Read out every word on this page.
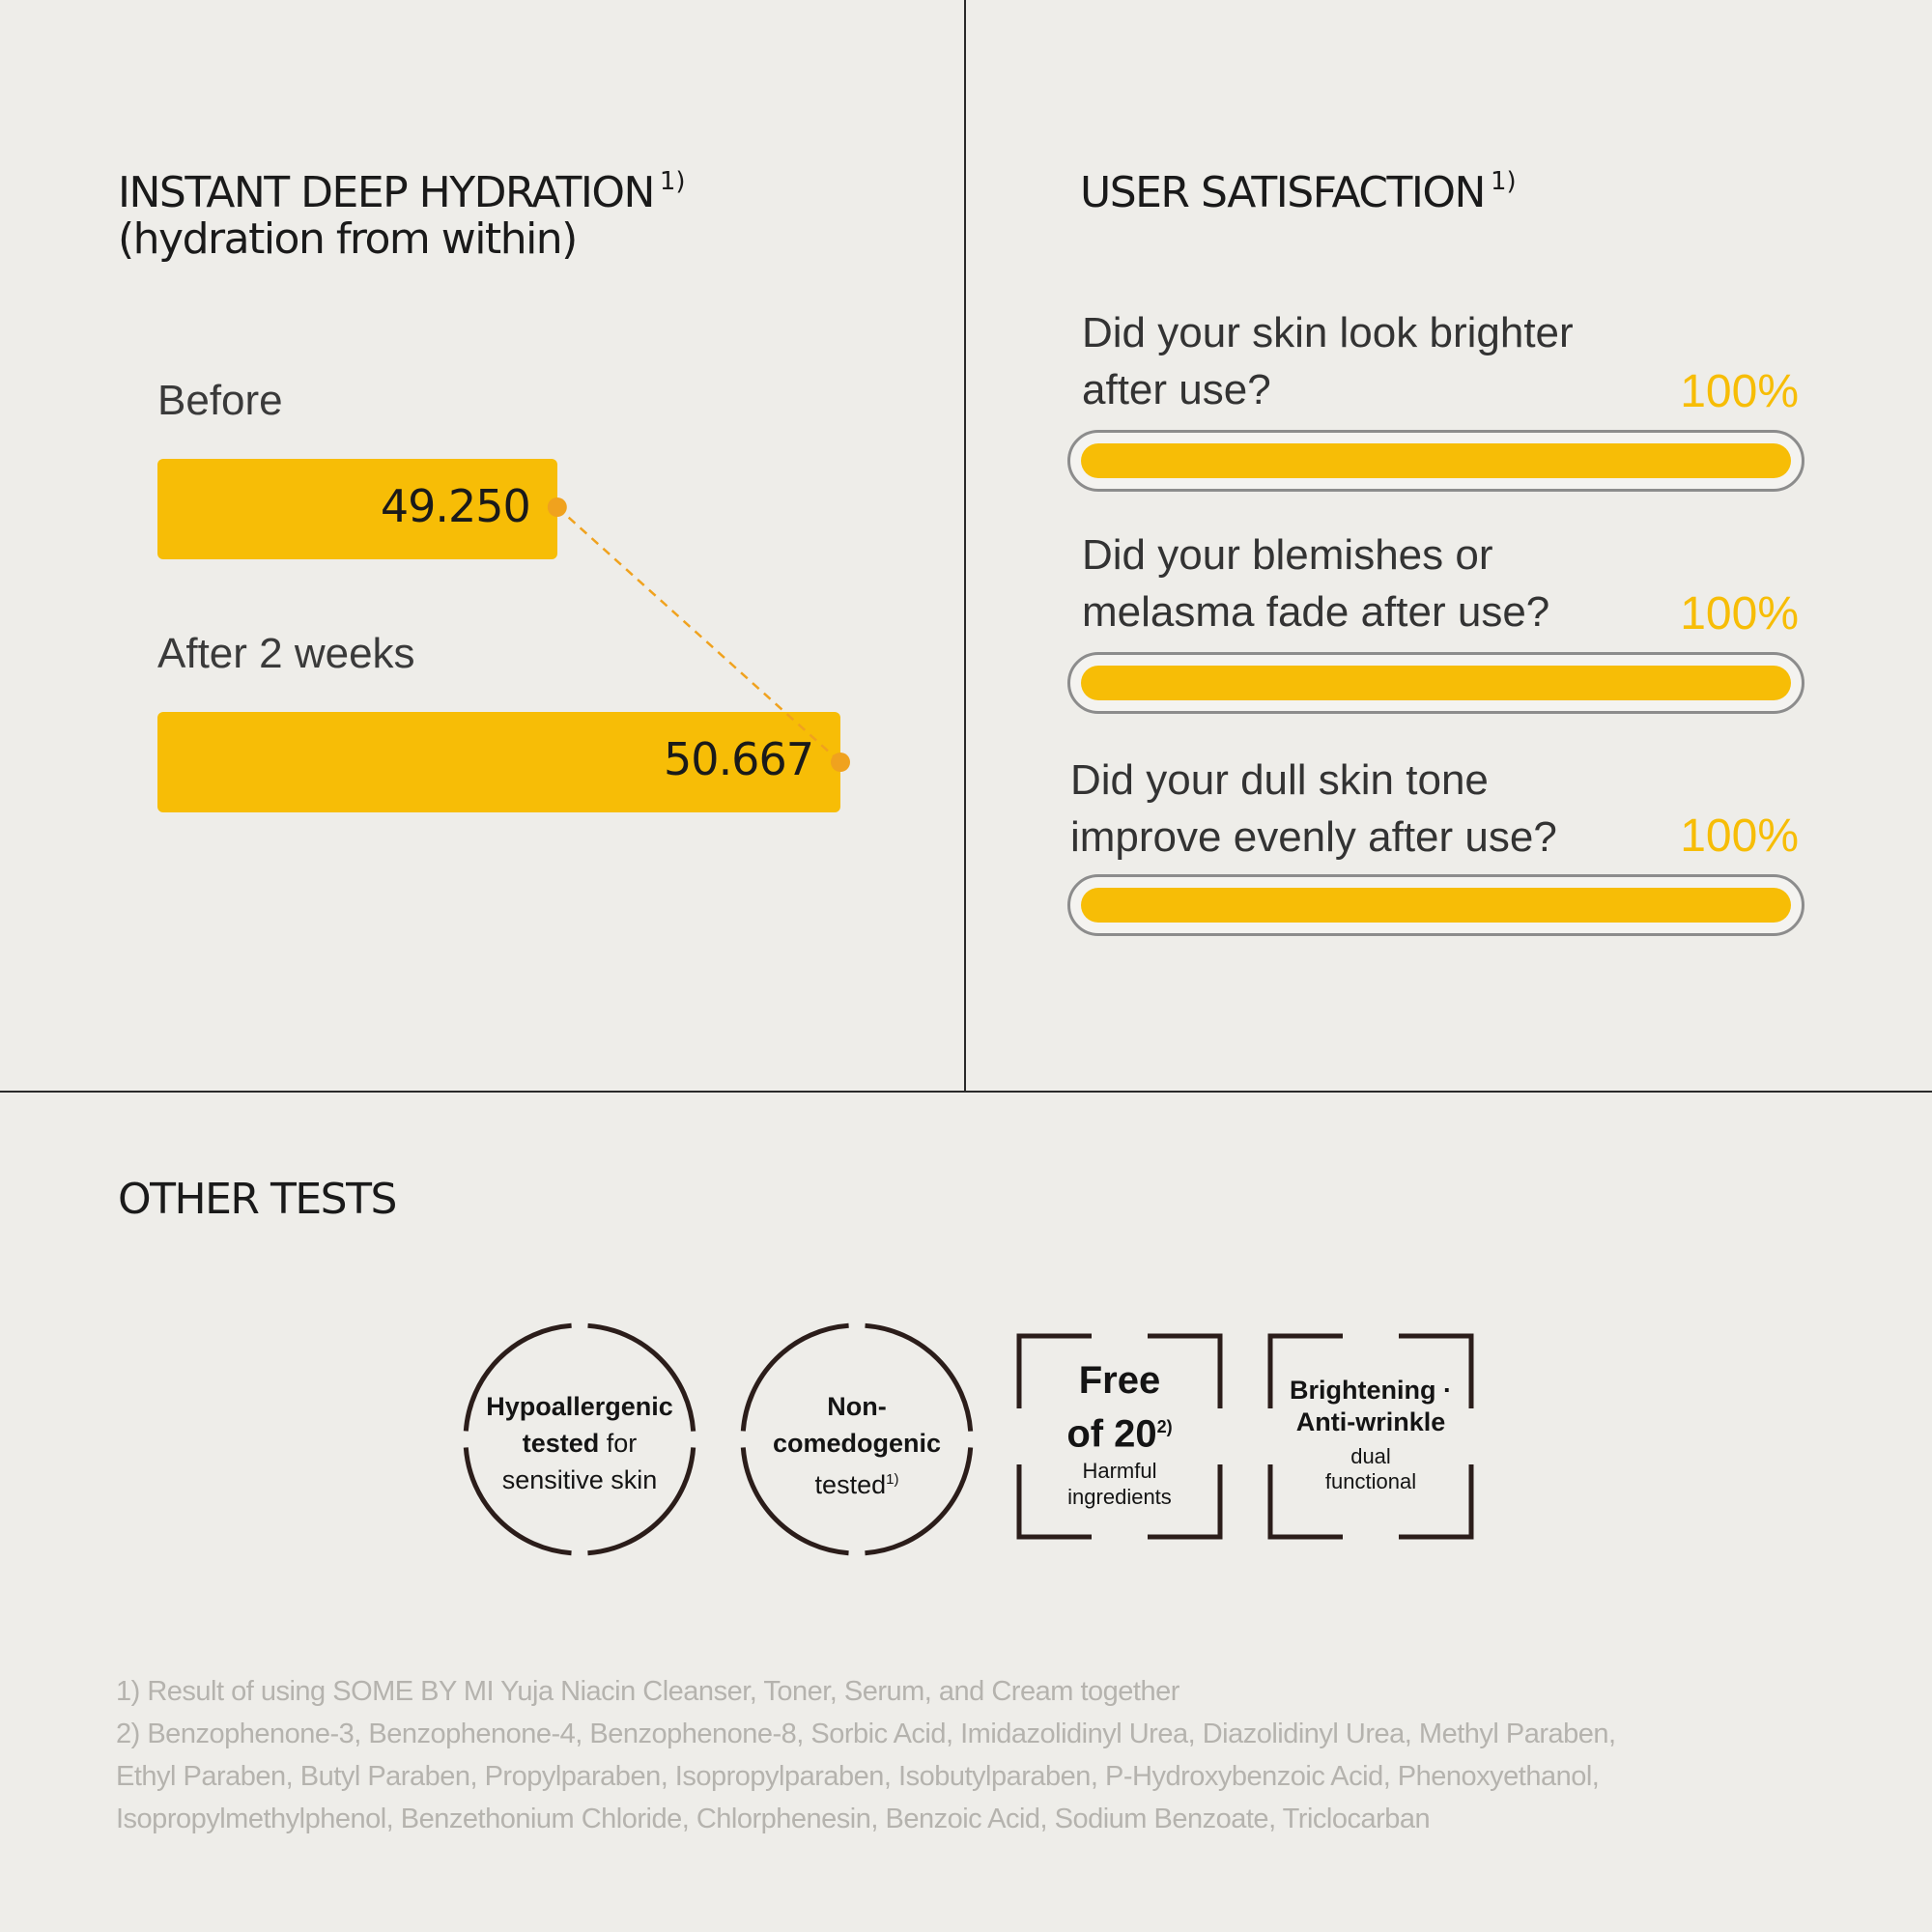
INSTANT DEEP HYDRATION $^{1)}$
(hydration from within)
Before
49.250
After 2 weeks
50.667
USER SATISFACTION $^{1)}$
Did your skin look brighter
after use?	100%
Did your blemishes or
melasma fade after use?	100%
Did your dull skin tone
improve evenly after use?	100%
OTHER TESTS
Hypoallergenic
tested for
sensitive skin
Non-
comedogenic
tested$^{1)}$
Free
of 20$^{2)}$
Harmful
ingredients
Brightening ·
Anti-wrinkle
dual
functional
1) Result of using SOME BY MI Yuja Niacin Cleanser, Toner, Serum, and Cream together
2) Benzophenone-3, Benzophenone-4, Benzophenone-8, Sorbic Acid, Imidazolidinyl Urea, Diazolidinyl Urea, Methyl Paraben,
Ethyl Paraben, Butyl Paraben, Propylparaben, Isopropylparaben, Isobutylparaben, P-Hydroxybenzoic Acid, Phenoxyethanol,
Isopropylmethylphenol, Benzethonium Chloride, Chlorphenesin, Benzoic Acid, Sodium Benzoate, Triclocarban
